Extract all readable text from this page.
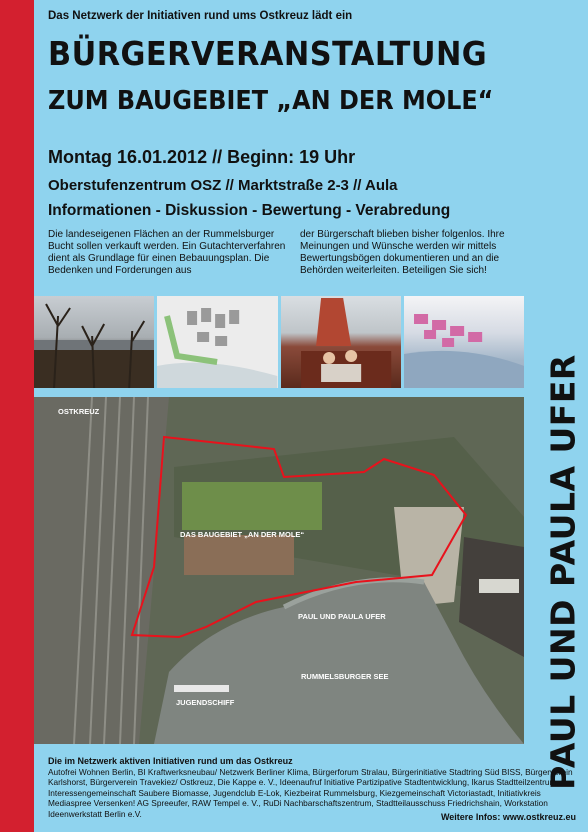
Das Netzwerk der Initiativen rund ums Ostkreuz lädt ein
BÜRGERVERANSTALTUNG
ZUM BAUGEBIET „AN DER MOLE“
Montag 16.01.2012 // Beginn: 19 Uhr
Oberstufenzentrum OSZ // Marktstraße 2-3 // Aula
Informationen - Diskussion - Bewertung - Verabredung
Die landeseigenen Flächen an der Rummelsburger Bucht sollen verkauft werden. Ein Gutachterverfahren dient als Grundlage für einen Bebauungsplan. Die Bedenken und Forderungen aus
der Bürgerschaft blieben bisher folgenlos. Ihre Meinungen und Wünsche werden wir mittels Bewertungsbögen dokumentieren und an die Behörden weiterleiten. Beteiligen Sie sich!
OSTKREUZ
DAS BAUGEBIET „AN DER MOLE“
PAUL UND PAULA UFER
RUMMELSBURGER SEE
JUGENDSCHIFF	PAUL UND PAULA UFER
Die im Netzwerk aktiven Initiativen rund um das Ostkreuz
Autofrei Wohnen Berlin, BI Kraftwerksneubau/ Netzwerk Berliner Klima, Bürgerforum Stralau, Bürgerinitiative Stadtring Süd BISS, Bürgerverein Karlshorst, Bürgerverein Travekiez/ Ostkreuz, Die Kappe e. V., Ideenaufruf Initiative Partizipative Stadtentwicklung, Ikarus Stadtteilzentrum, Interessengemeinschaft Saubere Biomasse, Jugendclub E-Lok, Kiezbeirat Rummelsburg, Kiezgemeinschaft Victoriastadt, Initiativkreis Mediaspree Versenken! AG Spreeufer, RAW Tempel e. V., RuDi Nachbarschaftszentrum, Stadtteilausschuss Friedrichshain, Workstation Ideenwerkstatt Berlin e.V.	Weitere Infos: www.ostkreuz.eu
